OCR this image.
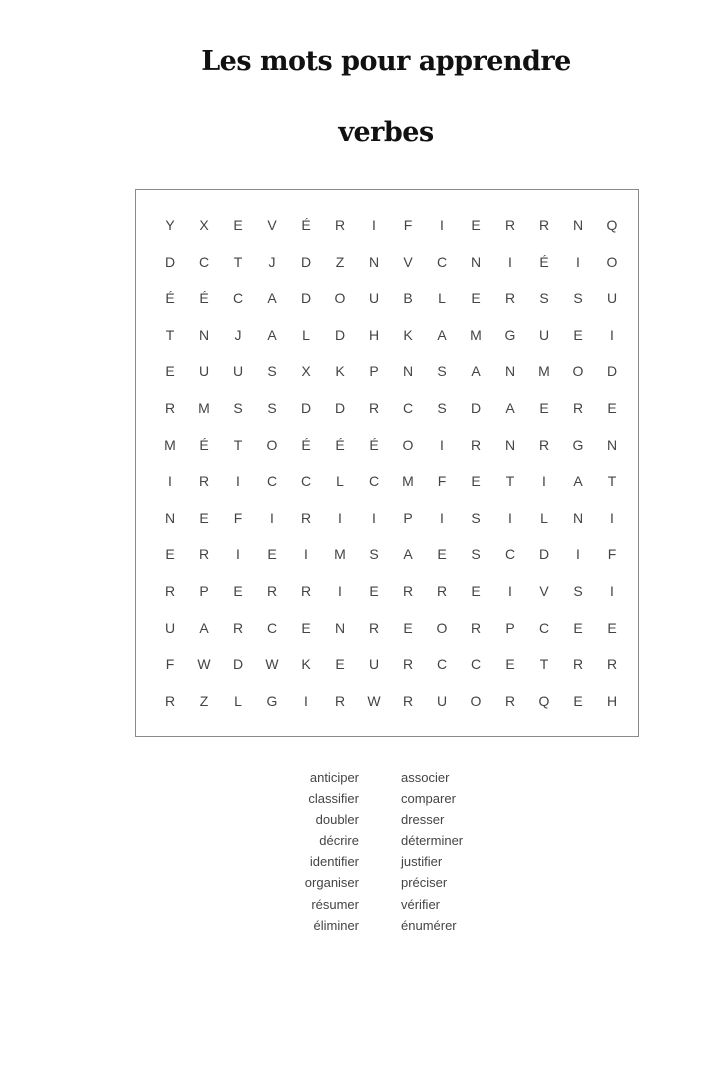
Les mots pour apprendre
verbes
Y	X	E	V	É	R	I	F	I	E	R	R	N	Q
D	C	T	J	D	Z	N	V	C	N	I	É	I	O
É	É	C	A	D	O	U	B	L	E	R	S	S	U
T	N	J	A	L	D	H	K	A	M	G	U	E	I
E	U	U	S	X	K	P	N	S	A	N	M	O	D
R	M	S	S	D	D	R	C	S	D	A	E	R	E
M	É	T	O	É	É	É	O	I	R	N	R	G	N
I	R	I	C	C	L	C	M	F	E	T	I	A	T
N	E	F	I	R	I	I	P	I	S	I	L	N	I
E	R	I	E	I	M	S	A	E	S	C	D	I	F
R	P	E	R	R	I	E	R	R	E	I	V	S	I
U	A	R	C	E	N	R	E	O	R	P	C	E	E
F	W	D	W	K	E	U	R	C	C	E	T	R	R
R	Z	L	G	I	R	W	R	U	O	R	Q	E	H
anticiper
classifier
doubler
décrire
identifier
organiser
résumer
éliminer
associer
comparer
dresser
déterminer
justifier
préciser
vérifier
énumérer
